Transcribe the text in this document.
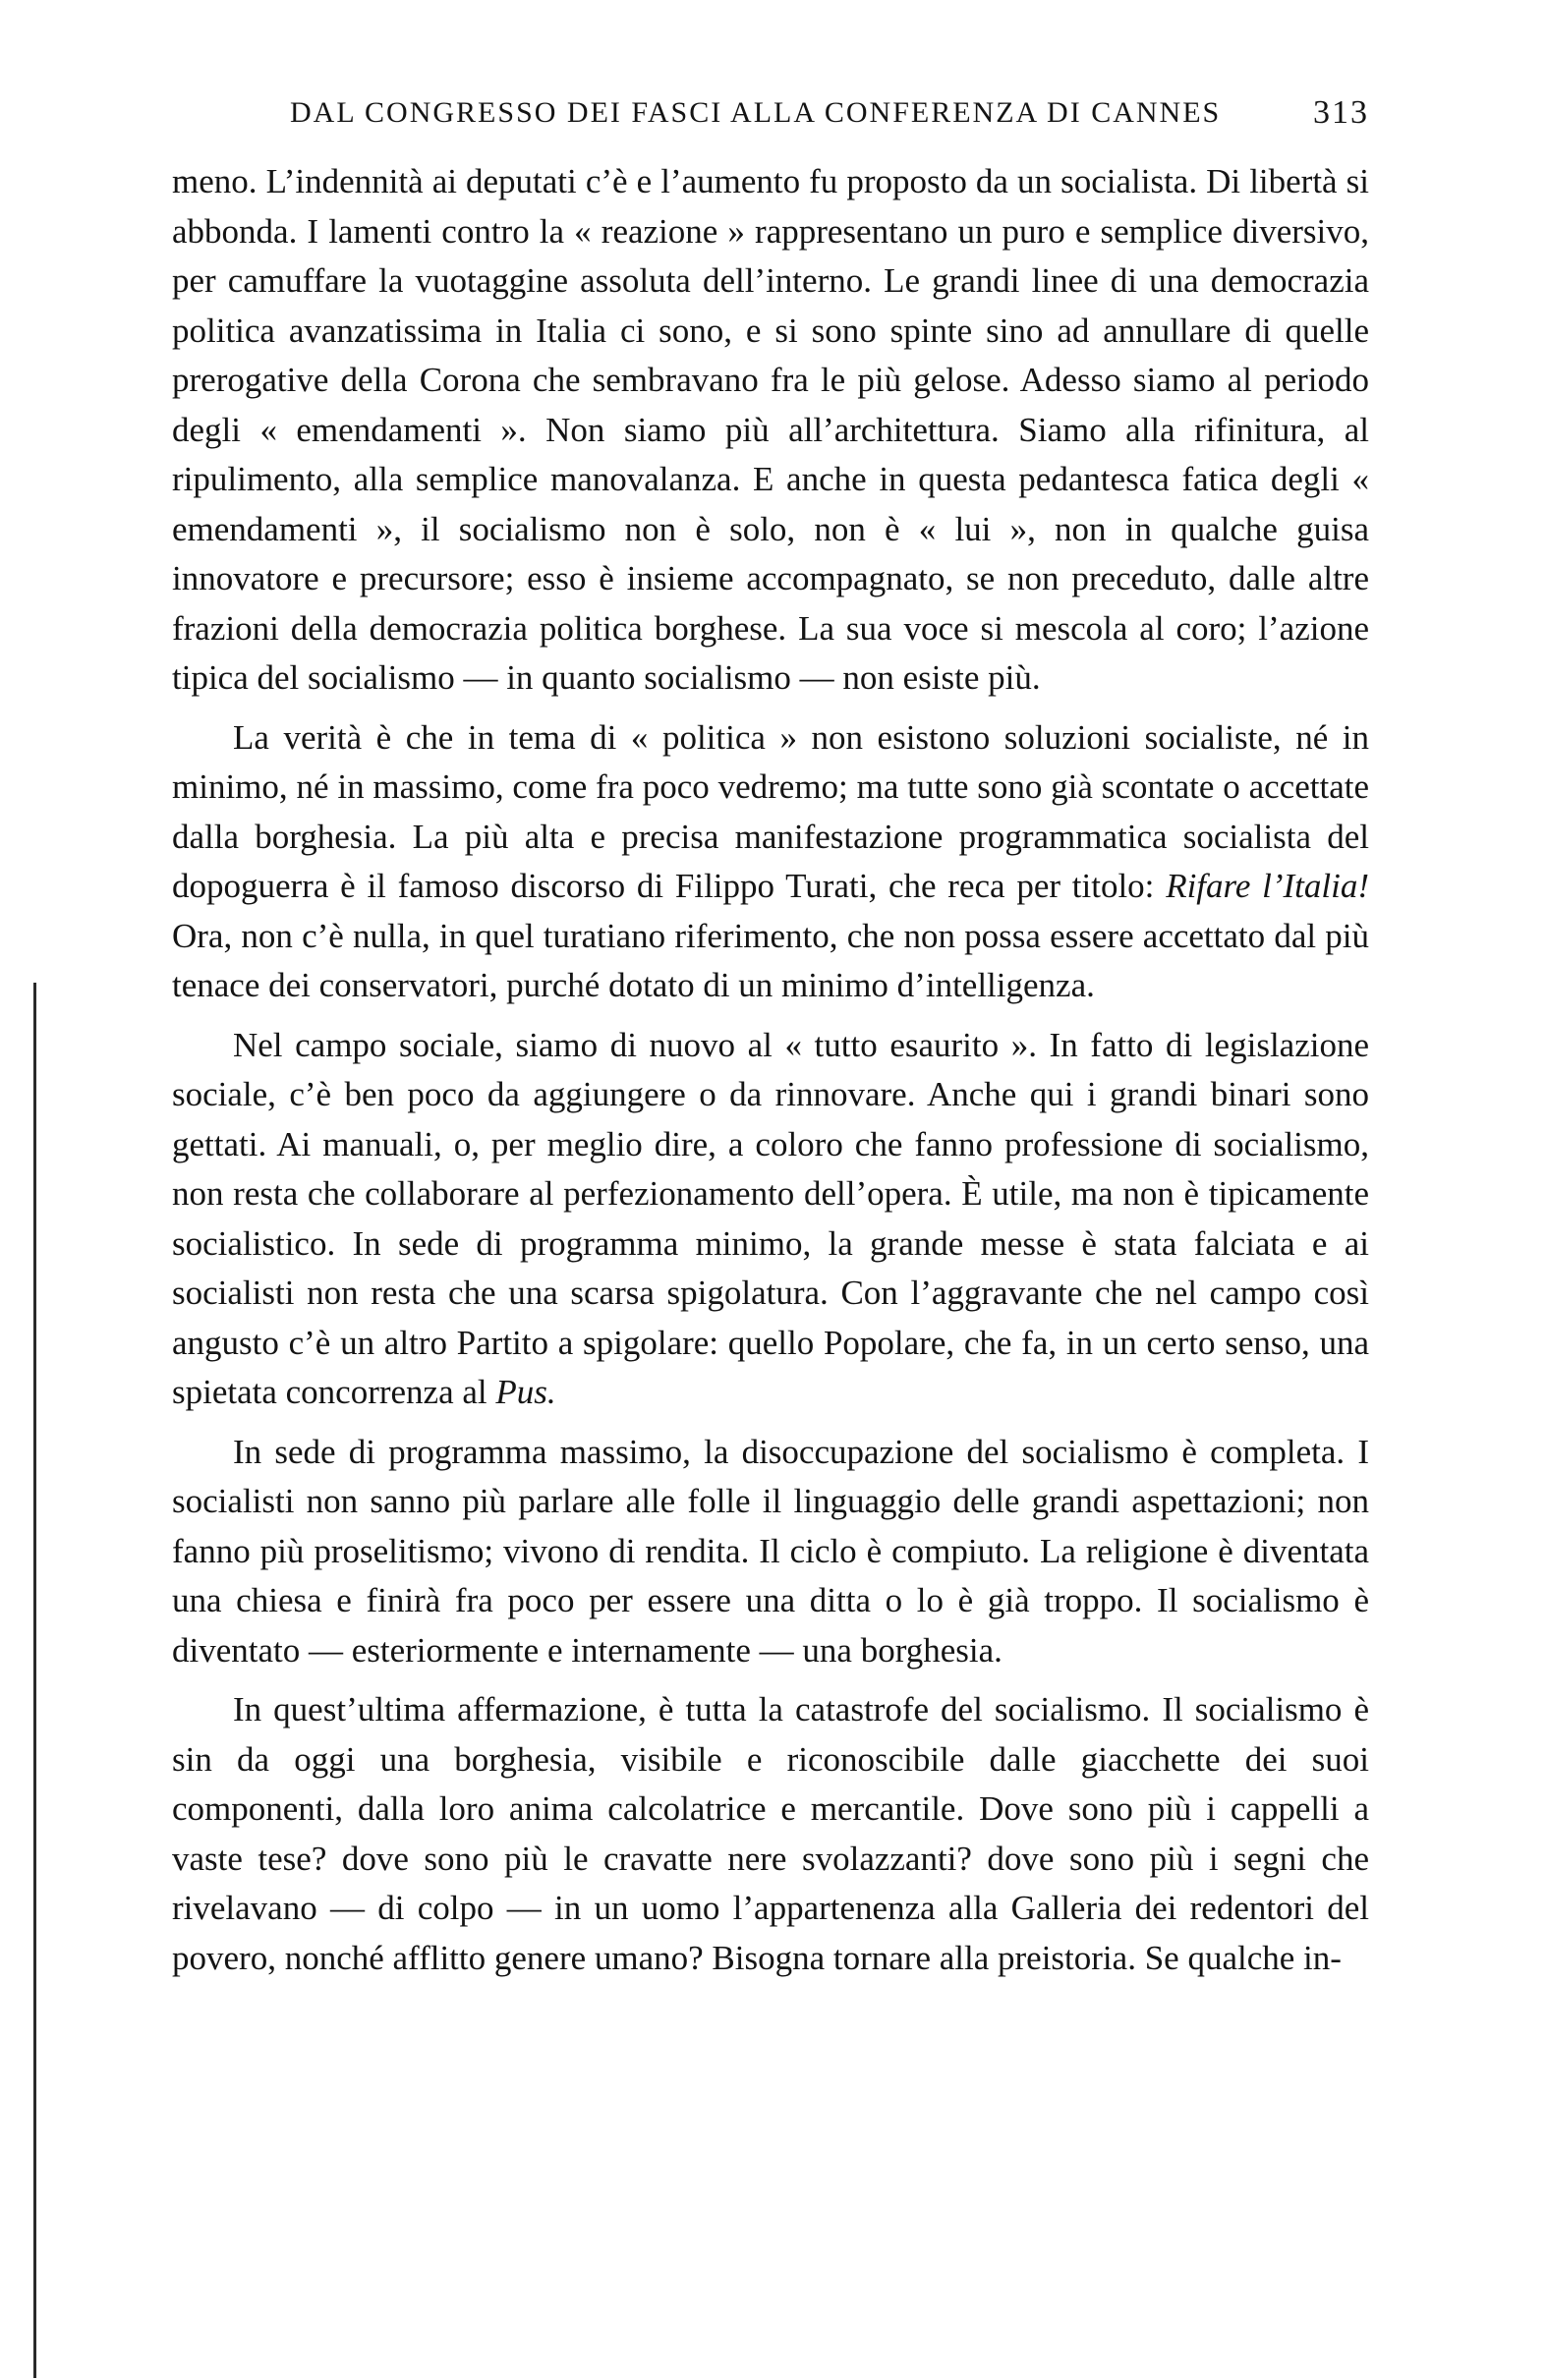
DAL CONGRESSO DEI FASCI ALLA CONFERENZA DI CANNES	313

meno. L’indennità ai deputati c’è e l’aumento fu proposto da un socialista. Di libertà si abbonda. I lamenti contro la « reazione » rappresentano un puro e semplice diversivo, per camuffare la vuotaggine assoluta dell’interno. Le grandi linee di una democrazia politica avanzatissima in Italia ci sono, e si sono spinte sino ad annullare di quelle prerogative della Corona che sembravano fra le più gelose. Adesso siamo al periodo degli « emendamenti ». Non siamo più all’architettura. Siamo alla rifinitura, al ripulimento, alla semplice manovalanza. E anche in questa pedantesca fatica degli « emendamenti », il socialismo non è solo, non è « lui », non in qualche guisa innovatore e precursore; esso è insieme accompagnato, se non preceduto, dalle altre frazioni della democrazia politica borghese. La sua voce si mescola al coro; l’azione tipica del socialismo — in quanto socialismo — non esiste più.

La verità è che in tema di « politica » non esistono soluzioni socialiste, né in minimo, né in massimo, come fra poco vedremo; ma tutte sono già scontate o accettate dalla borghesia. La più alta e precisa manifestazione programmatica socialista del dopoguerra è il famoso discorso di Filippo Turati, che reca per titolo: Rifare l’Italia! Ora, non c’è nulla, in quel turatiano riferimento, che non possa essere accettato dal più tenace dei conservatori, purché dotato di un minimo d’intelligenza.

Nel campo sociale, siamo di nuovo al « tutto esaurito ». In fatto di legislazione sociale, c’è ben poco da aggiungere o da rinnovare. Anche qui i grandi binari sono gettati. Ai manuali, o, per meglio dire, a coloro che fanno professione di socialismo, non resta che collaborare al perfezionamento dell’opera. È utile, ma non è tipicamente socialistico. In sede di programma minimo, la grande messe è stata falciata e ai socialisti non resta che una scarsa spigolatura. Con l’aggravante che nel campo così angusto c’è un altro Partito a spigolare: quello Popolare, che fa, in un certo senso, una spietata concorrenza al Pus.

In sede di programma massimo, la disoccupazione del socialismo è completa. I socialisti non sanno più parlare alle folle il linguaggio delle grandi aspettazioni; non fanno più proselitismo; vivono di rendita. Il ciclo è compiuto. La religione è diventata una chiesa e finirà fra poco per essere una ditta o lo è già troppo. Il socialismo è diventato — esteriormente e internamente — una borghesia.

In quest’ultima affermazione, è tutta la catastrofe del socialismo. Il socialismo è sin da oggi una borghesia, visibile e riconoscibile dalle giacchette dei suoi componenti, dalla loro anima calcolatrice e mercantile. Dove sono più i cappelli a vaste tese? dove sono più le cravatte nere svolazzanti? dove sono più i segni che rivelavano — di colpo — in un uomo l’appartenenza alla Galleria dei redentori del povero, nonché afflitto genere umano? Bisogna tornare alla preistoria. Se qualche in-
